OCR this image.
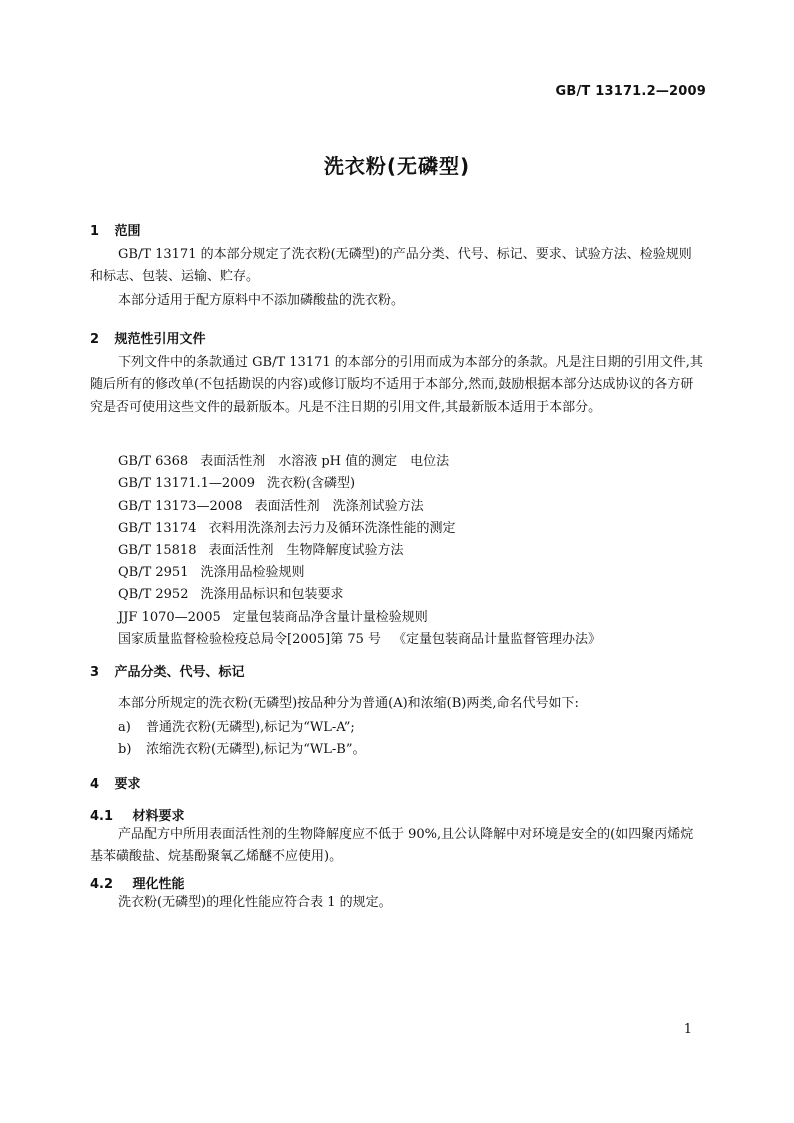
GB/T 13171.2—2009
洗衣粉(无磷型)
1 范围
GB/T 13171 的本部分规定了洗衣粉(无磷型)的产品分类、代号、标记、要求、试验方法、检验规则和标志、包装、运输、贮存。
本部分适用于配方原料中不添加磷酸盐的洗衣粉。
2 规范性引用文件
下列文件中的条款通过 GB/T 13171 的本部分的引用而成为本部分的条款。凡是注日期的引用文件,其随后所有的修改单(不包括勘误的内容)或修订版均不适用于本部分,然而,鼓励根据本部分达成协议的各方研究是否可使用这些文件的最新版本。凡是不注日期的引用文件,其最新版本适用于本部分。
GB/T 6368 表面活性剂　水溶液 pH 值的测定　电位法
GB/T 13171.1—2009 洗衣粉(含磷型)
GB/T 13173—2008 表面活性剂　洗涤剂试验方法
GB/T 13174 衣料用洗涤剂去污力及循环洗涤性能的测定
GB/T 15818 表面活性剂　生物降解度试验方法
QB/T 2951 洗涤用品检验规则
QB/T 2952 洗涤用品标识和包装要求
JJF 1070—2005 定量包装商品净含量计量检验规则
国家质量监督检验检疫总局令[2005]第 75 号 《定量包装商品计量监督管理办法》
3 产品分类、代号、标记
本部分所规定的洗衣粉(无磷型)按品种分为普通(A)和浓缩(B)两类,命名代号如下:
a) 普通洗衣粉(无磷型),标记为“WL-A”;
b) 浓缩洗衣粉(无磷型),标记为“WL-B”。
4 要求
4.1 材料要求
产品配方中所用表面活性剂的生物降解度应不低于 90%,且公认降解中对环境是安全的(如四聚丙烯烷基苯磺酸盐、烷基酚聚氧乙烯醚不应使用)。
4.2 理化性能
洗衣粉(无磷型)的理化性能应符合表 1 的规定。
1
